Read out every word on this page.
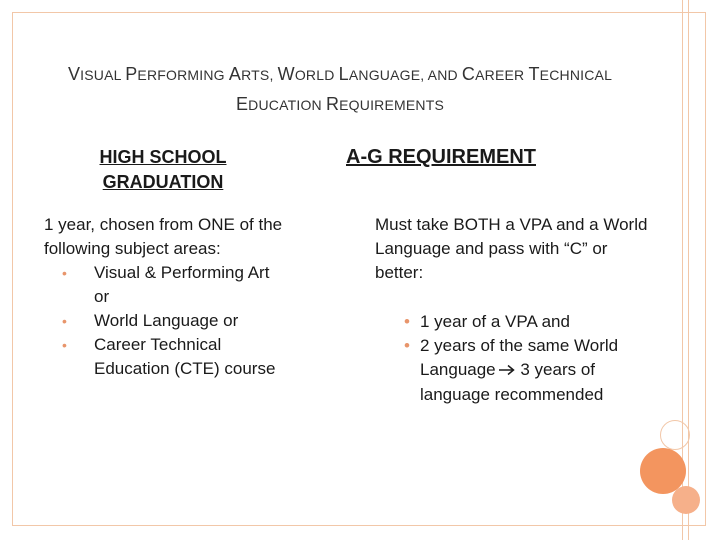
VISUAL PERFORMING ARTS, WORLD LANGUAGE, AND CAREER TECHNICAL
EDUCATION REQUIREMENTS
HIGH SCHOOL
GRADUATION
1 year, chosen from ONE of the following subject areas:
• Visual & Performing Art or
• World Language or
• Career Technical Education (CTE) course
A-G REQUIREMENT
Must take BOTH a VPA and a World Language and pass with “C” or better:
• 1 year of a VPA and
• 2 years of the same World Language 3 years of language recommended
